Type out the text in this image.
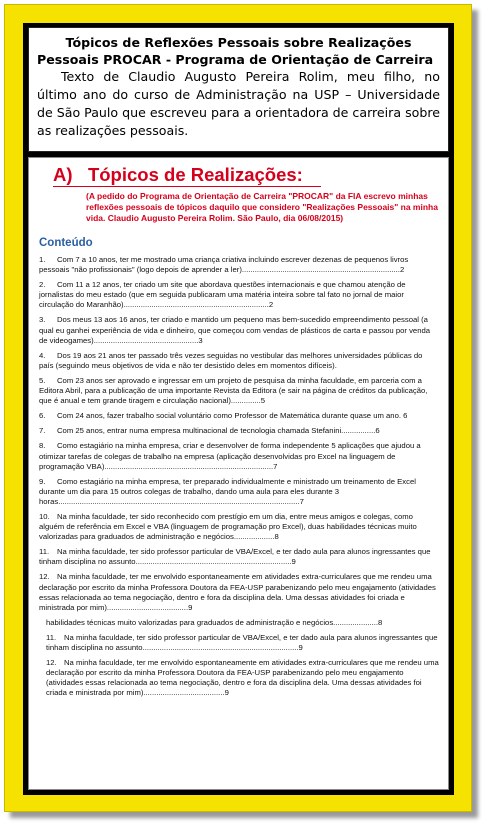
Tópicos de Reflexões Pessoais sobre Realizações
Pessoais PROCAR - Programa de Orientação de Carreira
Texto de Claudio Augusto Pereira Rolim, meu filho, no último ano do curso de Administração na USP – Universidade de São Paulo que escreveu para a orientadora de carreira sobre as realizações pessoais.
A) Tópicos de Realizações:
(A pedido do Programa de Orientação de Carreira "PROCAR" da FIA escrevo minhas reflexões pessoais de tópicos daquilo que considero "Realizações Pessoais" na minha vida. Claudio Augusto Pereira Rolim. São Paulo, dia 06/08/2015)
Conteúdo
1. Com 7 a 10 anos, ter me mostrado uma criança criativa incluindo escrever dezenas de pequenos livros pessoais "não profissionais" (logo depois de aprender a ler)..........................................................................2
2. Com 11 a 12 anos, ter criado um site que abordava questões internacionais e que chamou atenção de jornalistas do meu estado (que em seguida publicaram uma matéria inteira sobre tal fato no jornal de maior circulação do Maranhão)....................................................................2
3. Dos meus 13 aos 16 anos, ter criado e mantido um pequeno mas bem-sucedido empreendimento pessoal (a qual eu ganhei experiência de vida e dinheiro, que começou com vendas de plásticos de carta e passou por venda de videogames).................................................3
4. Dos 19 aos 21 anos ter passado três vezes seguidas no vestibular das melhores universidades públicas do país (seguindo meus objetivos de vida e não ter desistido deles em momentos difíceis).
5. Com 23 anos ser aprovado e ingressar em um projeto de pesquisa da minha faculdade, em parceria com a Editora Abril, para a publicação de uma importante Revista da Editora (e sair na página de créditos da publicação, que é anual e tem grande tiragem e circulação nacional)..............5
6. Com 24 anos, fazer trabalho social voluntário como Professor de Matemática durante quase um ano. 6
7. Com 25 anos, entrar numa empresa multinacional de tecnologia chamada Stefanini................6
8. Como estagiário na minha empresa, criar e desenvolver de forma independente 5 aplicações que ajudou a otimizar tarefas de colegas de trabalho na empresa (aplicação desenvolvidas pro Excel na linguagem de programação VBA)...............................................................................7
9. Como estagiário na minha empresa, ter preparado individualmente e ministrado um treinamento de Excel durante um dia para 15 outros colegas de trabalho, dando uma aula para eles durante 3 horas.................................................................................................................7
10. Na minha faculdade, ter sido reconhecido com prestígio em um dia, entre meus amigos e colegas, como alguém de referência em Excel e VBA (linguagem de programação pro Excel), duas habilidades técnicas muito valorizadas para graduados de administração e negócios...................8
11. Na minha faculdade, ter sido professor particular de VBA/Excel, e ter dado aula para alunos ingressantes que tinham disciplina no assunto.........................................................................9
12. Na minha faculdade, ter me envolvido espontaneamente em atividades extra-curriculares que me rendeu uma declaração por escrito da minha Professora Doutora da FEA-USP parabenizando pelo meu engajamento (atividades essas relacionada ao tema negociação, dentro e fora da disciplina dela. Uma dessas atividades foi criada e ministrada por mim)......................................9
habilidades técnicas muito valorizadas para graduados de administração e negócios.....................8
11. Na minha faculdade, ter sido professor particular de VBA/Excel, e ter dado aula para alunos ingressantes que tinham disciplina no assunto.........................................................................9
12. Na minha faculdade, ter me envolvido espontaneamente em atividades extra-curriculares que me rendeu uma declaração por escrito da minha Professora Doutora da FEA-USP parabenizando pelo meu engajamento (atividades essas relacionada ao tema negociação, dentro e fora da disciplina dela. Uma dessas atividades foi criada e ministrada por mim)......................................9
